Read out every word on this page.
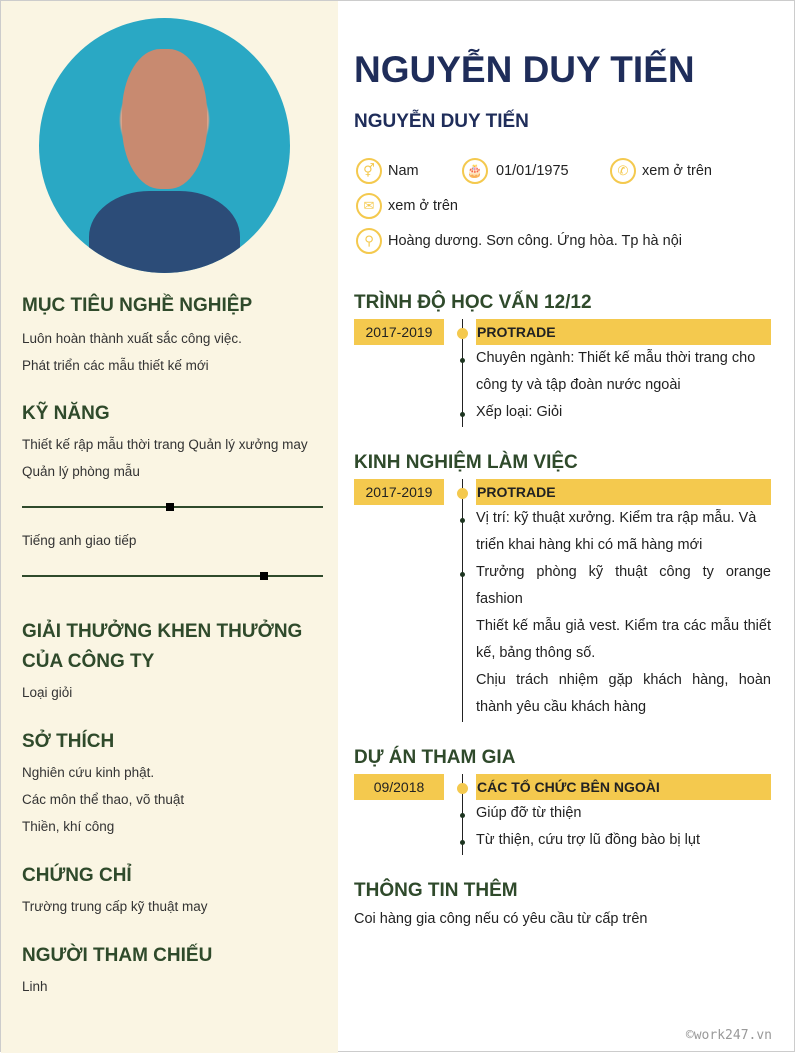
MỤC TIÊU NGHỀ NGHIỆP
Luôn hoàn thành xuất sắc công việc.
Phát triển các mẫu thiết kế mới
KỸ NĂNG
Thiết kế rập mẫu thời trang Quản lý xưởng may Quản lý phòng mẫu
Tiếng anh giao tiếp
GIẢI THƯỞNG KHEN THƯỞNG CỦA CÔNG TY
Loại giỏi
SỞ THÍCH
Nghiên cứu kinh phật.
Các môn thể thao, võ thuật
Thiền, khí công
CHỨNG CHỈ
Trường trung cấp kỹ thuật may
NGƯỜI THAM CHIẾU
Linh
NGUYỄN DUY TIẾN
NGUYỄN DUY TIẾN
⚥ Nam	🎂 01/01/1975	✆ xem ở trên
✉ xem ở trên
⚲ Hoàng dương. Sơn công. Ứng hòa. Tp hà nội
TRÌNH ĐỘ HỌC VẤN 12/12
2017-2019	PROTRADE
Chuyên ngành: Thiết kế mẫu thời trang cho công ty và tập đoàn nước ngoài
Xếp loại: Giỏi
KINH NGHIỆM LÀM VIỆC
2017-2019	PROTRADE
Vị trí: kỹ thuật xưởng. Kiểm tra rập mẫu. Và triển khai hàng khi có mã hàng mới
Trưởng phòng kỹ thuật công ty orange fashion
Thiết kế mẫu giả vest. Kiểm tra các mẫu thiết kế, bảng thông số.
Chịu trách nhiệm gặp khách hàng, hoàn thành yêu cầu khách hàng
DỰ ÁN THAM GIA
09/2018	CÁC TỔ CHỨC BÊN NGOÀI
Giúp đỡ từ thiện
Từ thiện, cứu trợ lũ đồng bào bị lụt
THÔNG TIN THÊM
Coi hàng gia công nếu có yêu cầu từ cấp trên
©work247.vn
